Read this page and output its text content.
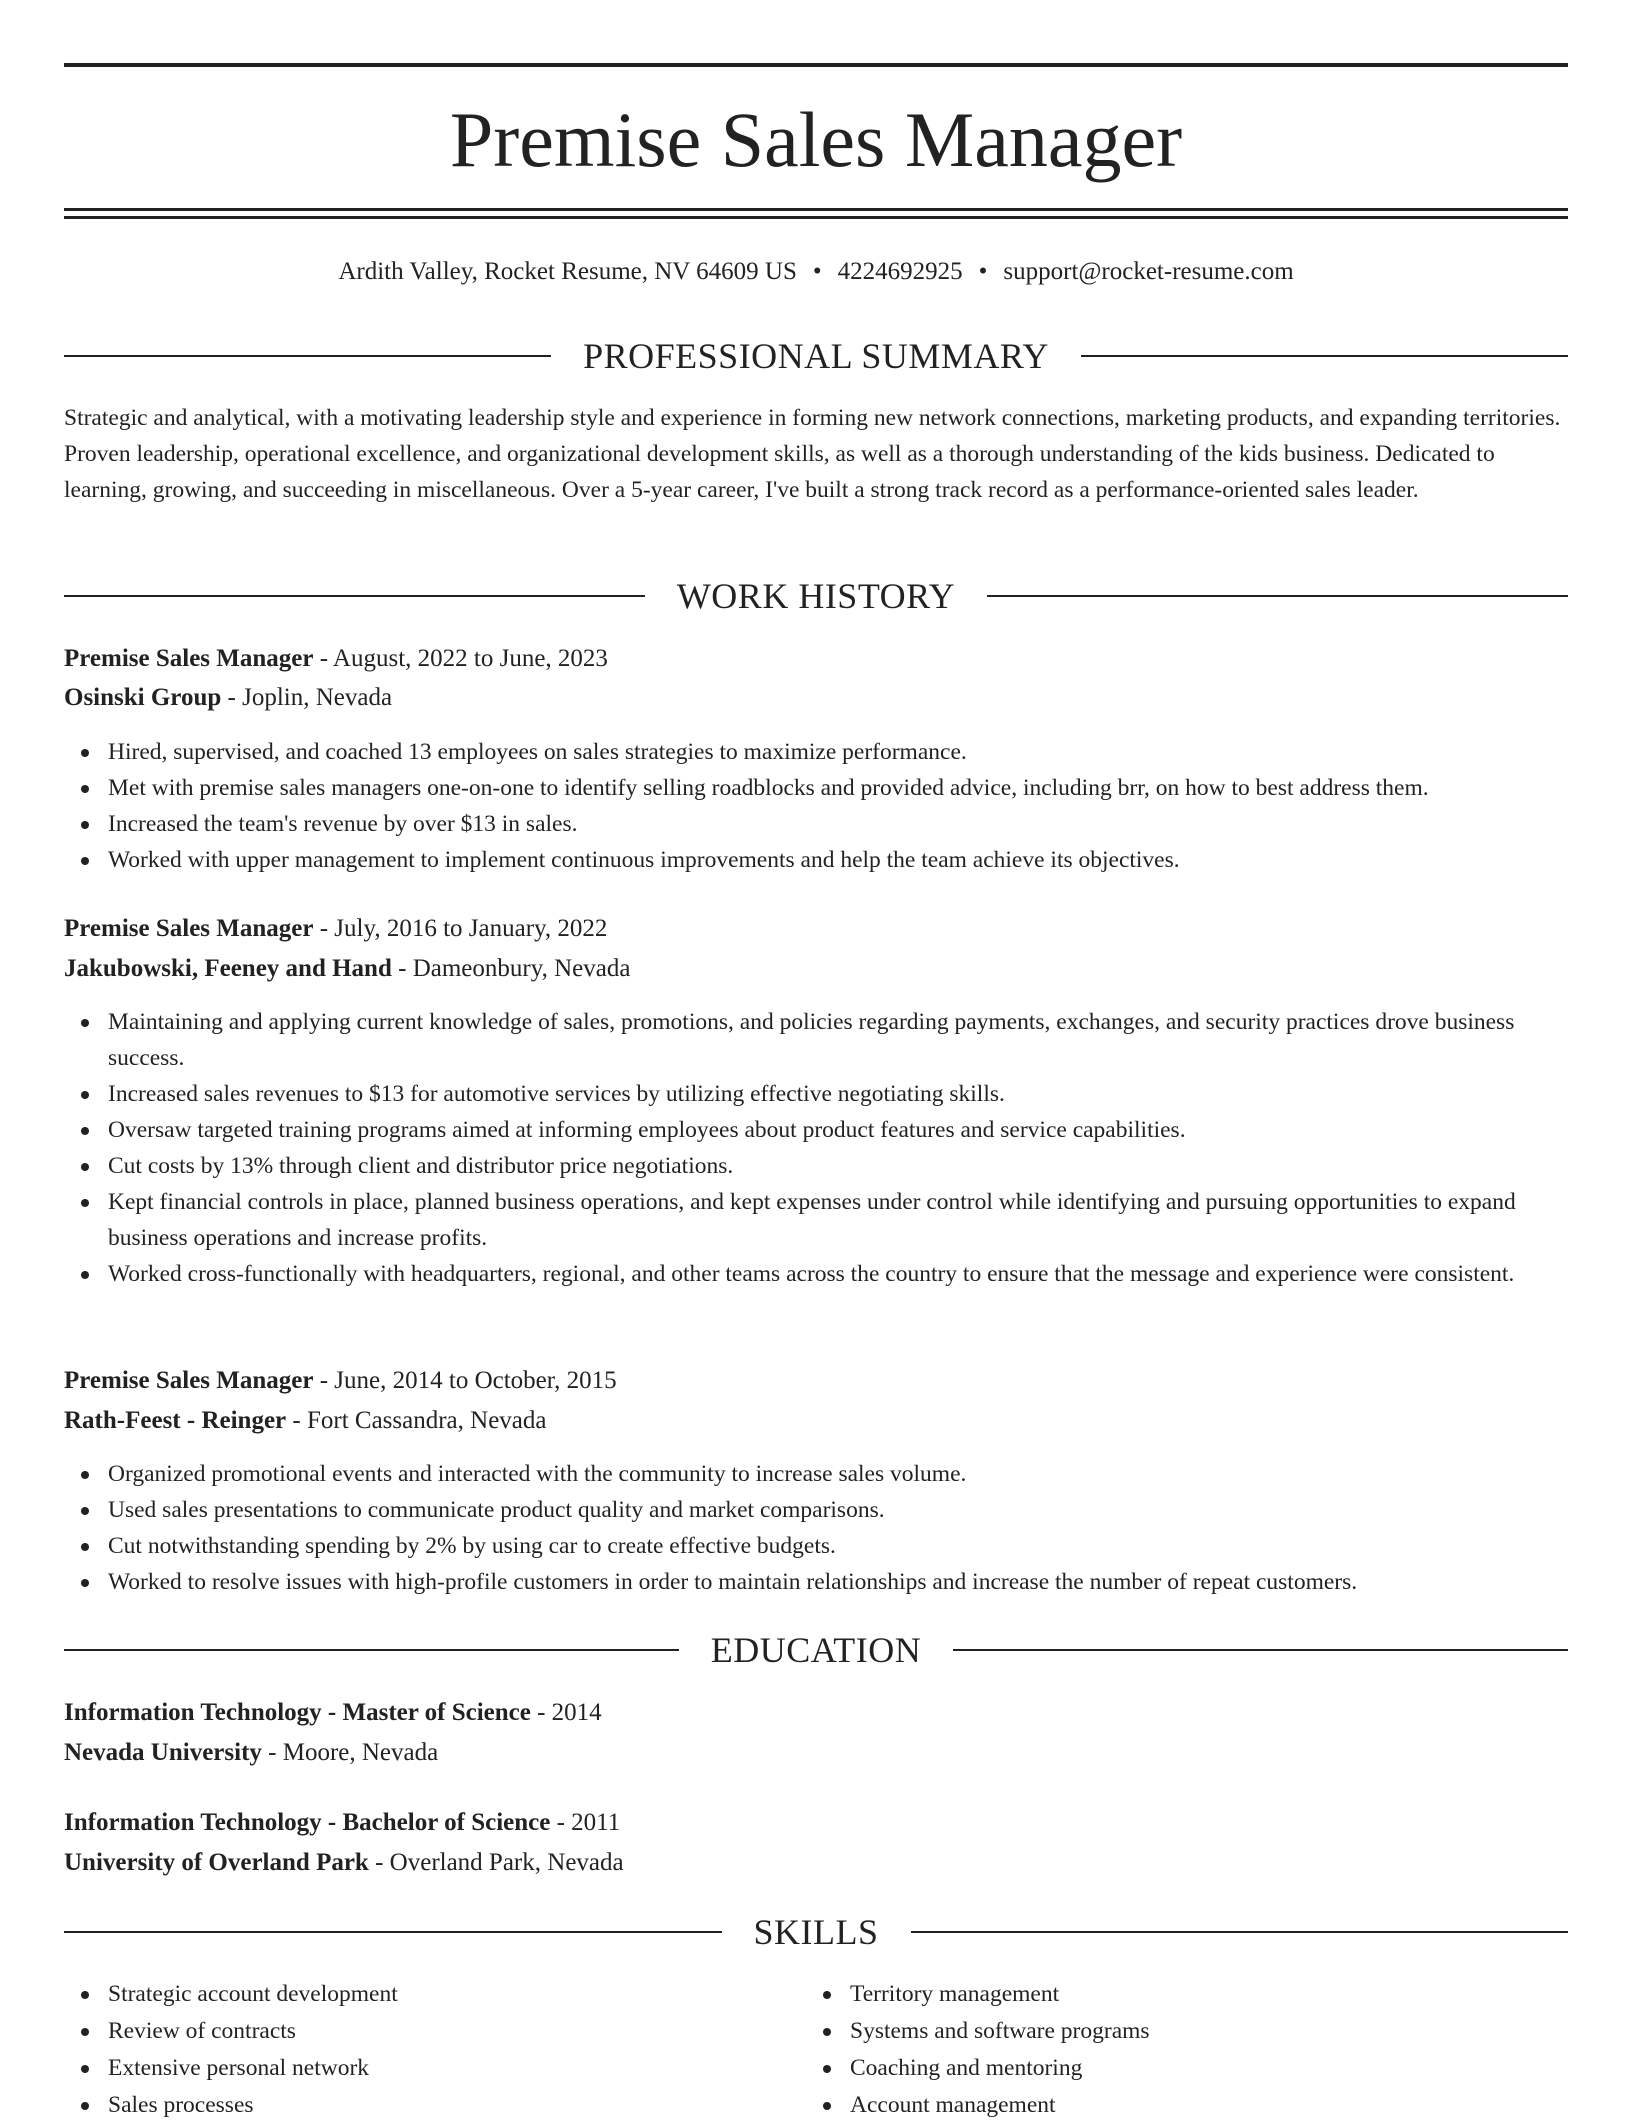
Premise Sales Manager
Ardith Valley, Rocket Resume, NV 64609 US • 4224692925 • support@rocket-resume.com
PROFESSIONAL SUMMARY

Strategic and analytical, with a motivating leadership style and experience in forming new network connections, marketing products, and expanding territories. Proven leadership, operational excellence, and organizational development skills, as well as a thorough understanding of the kids business. Dedicated to learning, growing, and succeeding in miscellaneous. Over a 5-year career, I've built a strong track record as a performance-oriented sales leader.

WORK HISTORY
Premise Sales Manager - August, 2022 to June, 2023
Osinski Group - Joplin, Nevada
Hired, supervised, and coached 13 employees on sales strategies to maximize performance.
Met with premise sales managers one-on-one to identify selling roadblocks and provided advice, including brr, on how to best address them.
Increased the team's revenue by over $13 in sales.
Worked with upper management to implement continuous improvements and help the team achieve its objectives.
Premise Sales Manager - July, 2016 to January, 2022
Jakubowski, Feeney and Hand - Dameonbury, Nevada
Maintaining and applying current knowledge of sales, promotions, and policies regarding payments, exchanges, and security practices drove business success.
Increased sales revenues to $13 for automotive services by utilizing effective negotiating skills.
Oversaw targeted training programs aimed at informing employees about product features and service capabilities.
Cut costs by 13% through client and distributor price negotiations.
Kept financial controls in place, planned business operations, and kept expenses under control while identifying and pursuing opportunities to expand business operations and increase profits.
Worked cross-functionally with headquarters, regional, and other teams across the country to ensure that the message and experience were consistent.
Premise Sales Manager - June, 2014 to October, 2015
Rath-Feest - Reinger - Fort Cassandra, Nevada
Organized promotional events and interacted with the community to increase sales volume.
Used sales presentations to communicate product quality and market comparisons.
Cut notwithstanding spending by 2% by using car to create effective budgets.
Worked to resolve issues with high-profile customers in order to maintain relationships and increase the number of repeat customers.
EDUCATION
Information Technology - Master of Science - 2014
Nevada University - Moore, Nevada
Information Technology - Bachelor of Science - 2011
University of Overland Park - Overland Park, Nevada
SKILLS
Strategic account development
Review of contracts
Extensive personal network
Sales processes
Territory management
Systems and software programs
Coaching and mentoring
Account management
